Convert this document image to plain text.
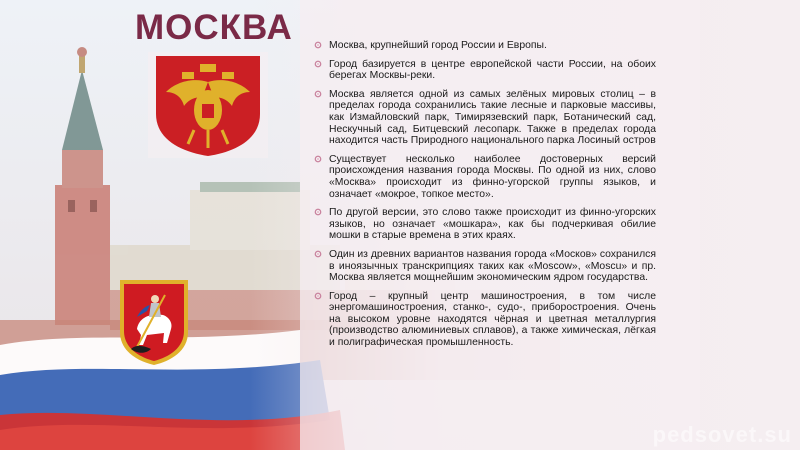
МОСКВА	Москва, крупнейший город России и Европы.
Город базируется в центре европейской части России, на обоих берегах Москвы-реки.
Москва является одной из самых зелёных мировых столиц – в пределах города сохранились такие лесные и парковые массивы, как Измайловский парк, Тимирязевский парк, Ботанический сад, Нескучный сад, Битцевский лесопарк. Также в пределах города находится часть Природного национального парка Лосиный остров
Существует несколько наиболее достоверных версий происхождения названия города Москвы. По одной из них, слово «Москва» происходит из финно-угорской группы языков, и означает «мокрое, топкое место».
По другой версии, это слово также происходит из финно-угорских языков, но означает «мошкара», как бы подчеркивая обилие мошки в старые времена в этих краях.
Один из древних вариантов названия города «Москов» сохранился в иноязычных транскрипциях таких как «Moscow», «Moscu» и пр. Москва является мощнейшим экономическим ядром государства.
Город – крупный центр машиностроения, в том числе энергомашиностроения, станко-, судо-, приборостроения. Очень на высоком уровне находятся чёрная и цветная металлургия (производство алюминиевых сплавов), а также химическая, лёгкая и полиграфическая промышленность.
pedsovet.su
